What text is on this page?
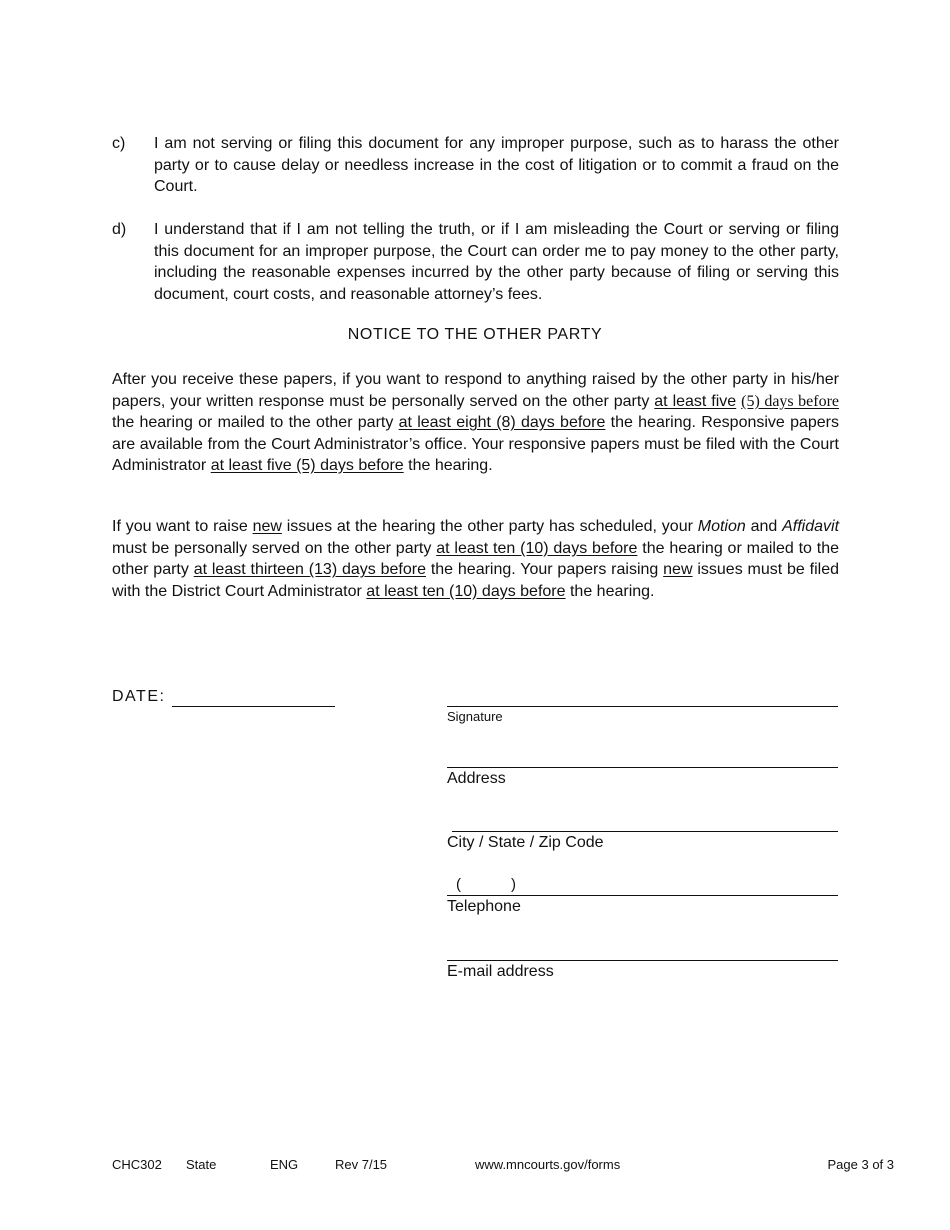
c) I am not serving or filing this document for any improper purpose, such as to harass the other party or to cause delay or needless increase in the cost of litigation or to commit a fraud on the Court.
d) I understand that if I am not telling the truth, or if I am misleading the Court or serving or filing this document for an improper purpose, the Court can order me to pay money to the other party, including the reasonable expenses incurred by the other party because of filing or serving this document, court costs, and reasonable attorney’s fees.
NOTICE TO THE OTHER PARTY
After you receive these papers, if you want to respond to anything raised by the other party in his/her papers, your written response must be personally served on the other party at least five (5) days before the hearing or mailed to the other party at least eight (8) days before the hearing. Responsive papers are available from the Court Administrator’s office. Your responsive papers must be filed with the Court Administrator at least five (5) days before the hearing.
If you want to raise new issues at the hearing the other party has scheduled, your Motion and Affidavit must be personally served on the other party at least ten (10) days before the hearing or mailed to the other party at least thirteen (13) days before the hearing. Your papers raising new issues must be filed with the District Court Administrator at least ten (10) days before the hearing.
DATE:
Signature
Address
City / State / Zip Code
(            )
Telephone
E-mail address
CHC302 State	ENG	Rev 7/15	www.mncourts.gov/forms	Page 3 of 3
